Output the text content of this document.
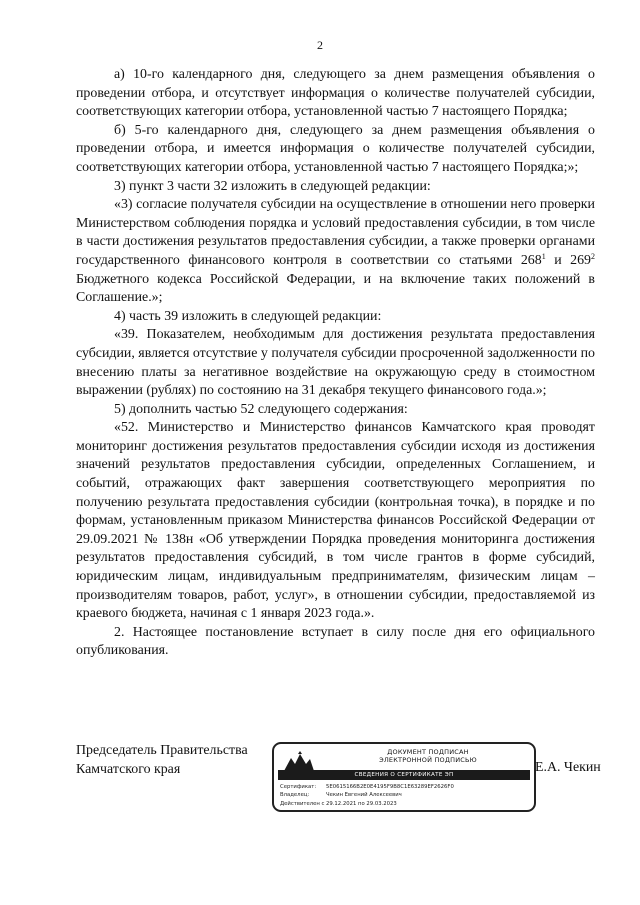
2

а) 10-го календарного дня, следующего за днем размещения объявления о проведении отбора, и отсутствует информация о количестве получателей субсидии, соответствующих категории отбора, установленной частью 7 настоящего Порядка;

б) 5-го календарного дня, следующего за днем размещения объявления о проведении отбора, и имеется информация о количестве получателей субсидии, соответствующих категории отбора, установленной частью 7 настоящего Порядка;»;

3) пункт 3 части 32 изложить в следующей редакции:

«3) согласие получателя субсидии на осуществление в отношении него проверки Министерством соблюдения порядка и условий предоставления субсидии, в том числе в части достижения результатов предоставления субсидии, а также проверки органами государственного финансового контроля в соответствии со статьями $268^1$ и $269^2$ Бюджетного кодекса Российской Федерации, и на включение таких положений в Соглашение.»;

4) часть 39 изложить в следующей редакции:

«39. Показателем, необходимым для достижения результата предоставления субсидии, является отсутствие у получателя субсидии просроченной задолженности по внесению платы за негативное воздействие на окружающую среду в стоимостном выражении (рублях) по состоянию на 31 декабря текущего финансового года.»;

5) дополнить частью 52 следующего содержания:

«52. Министерство и Министерство финансов Камчатского края проводят мониторинг достижения результатов предоставления субсидии исходя из достижения значений результатов предоставления субсидии, определенных Соглашением, и событий, отражающих факт завершения соответствующего мероприятия по получению результата предоставления субсидии (контрольная точка), в порядке и по формам, установленным приказом Министерства финансов Российской Федерации от 29.09.2021 № 138н «Об утверждении Порядка проведения мониторинга достижения результатов предоставления субсидий, в том числе грантов в форме субсидий, юридическим лицам, индивидуальным предпринимателям, физическим лицам – производителям товаров, работ, услуг», в отношении субсидии, предоставляемой из краевого бюджета, начиная с 1 января 2023 года.».

2. Настоящее постановление вступает в силу после дня его официального опубликования.

Председатель Правительства
Камчатского края
ДОКУМЕНТ ПОДПИСАН
ЭЛЕКТРОННОЙ ПОДПИСЬЮ
СВЕДЕНИЯ О СЕРТИФИКАТЕ ЭП
Сертификат: 5E0615166B2E0E4195F9B8C1E63289EF2626F0
Владелец:	Чекин Евгений Алексеевич
Действителен с 29.12.2021 по 29.03.2023
Е.А. Чекин
